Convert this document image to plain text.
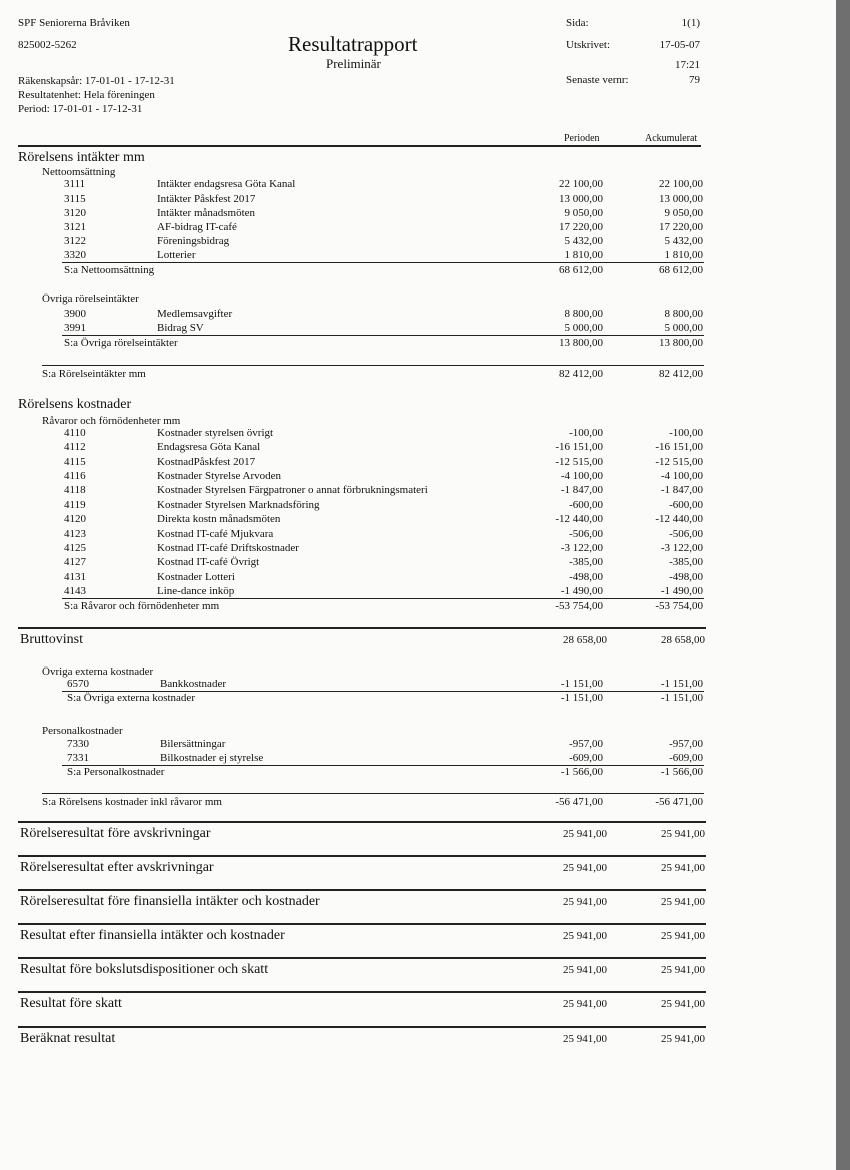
SPF Seniorerna Bråviken
825002-5262	Resultatrapport
Preliminär
Räkenskapsår: 17-01-01 - 17-12-31
Resultatenhet: Hela föreningen
Period: 17-01-01 - 17-12-31
Sida:	1(1)
Utskrivet:	17-05-07
17:21
Senaste vernr:	79
Perioden	Ackumulerat
Rörelsens intäkter mm
Nettoomsättning
3111	Intäkter endagsresa Göta Kanal	22 100,00	22 100,00
3115	Intäkter Påskfest 2017	13 000,00	13 000,00
3120	Intäkter månadsmöten	9 050,00	9 050,00
3121	AF-bidrag IT-café	17 220,00	17 220,00
3122	Föreningsbidrag	5 432,00	5 432,00
3320	Lotterier	1 810,00	1 810,00
S:a Nettoomsättning	68 612,00	68 612,00
Övriga rörelseintäkter
3900	Medlemsavgifter	8 800,00	8 800,00
3991	Bidrag SV	5 000,00	5 000,00
S:a Övriga rörelseintäkter	13 800,00	13 800,00
S:a Rörelseintäkter mm	82 412,00	82 412,00
Rörelsens kostnader
Råvaror och förnödenheter mm
4110	Kostnader styrelsen övrigt	-100,00	-100,00
4112	Endagsresa Göta Kanal	-16 151,00	-16 151,00
4115	KostnadPåskfest 2017	-12 515,00	-12 515,00
4116	Kostnader Styrelse Arvoden	-4 100,00	-4 100,00
4118	Kostnader Styrelsen Färgpatroner o annat förbrukningsmateri	-1 847,00	-1 847,00
4119	Kostnader Styrelsen Marknadsföring	-600,00	-600,00
4120	Direkta kostn månadsmöten	-12 440,00	-12 440,00
4123	Kostnad IT-café Mjukvara	-506,00	-506,00
4125	Kostnad IT-café Driftskostnader	-3 122,00	-3 122,00
4127	Kostnad IT-café Övrigt	-385,00	-385,00
4131	Kostnader Lotteri	-498,00	-498,00
4143	Line-dance inköp	-1 490,00	-1 490,00
S:a Råvaror och förnödenheter mm	-53 754,00	-53 754,00
Bruttovinst	28 658,00	28 658,00
Övriga externa kostnader
6570	Bankkostnader	-1 151,00	-1 151,00
S:a Övriga externa kostnader	-1 151,00	-1 151,00
Personalkostnader
7330	Bilersättningar	-957,00	-957,00
7331	Bilkostnader ej styrelse	-609,00	-609,00
S:a Personalkostnader	-1 566,00	-1 566,00
S:a Rörelsens kostnader inkl råvaror mm	-56 471,00	-56 471,00
Rörelseresultat före avskrivningar	25 941,00	25 941,00
Rörelseresultat efter avskrivningar	25 941,00	25 941,00
Rörelseresultat före finansiella intäkter och kostnader	25 941,00	25 941,00
Resultat efter finansiella intäkter och kostnader	25 941,00	25 941,00
Resultat före bokslutsdispositioner och skatt	25 941,00	25 941,00
Resultat före skatt	25 941,00	25 941,00
Beräknat resultat	25 941,00	25 941,00
